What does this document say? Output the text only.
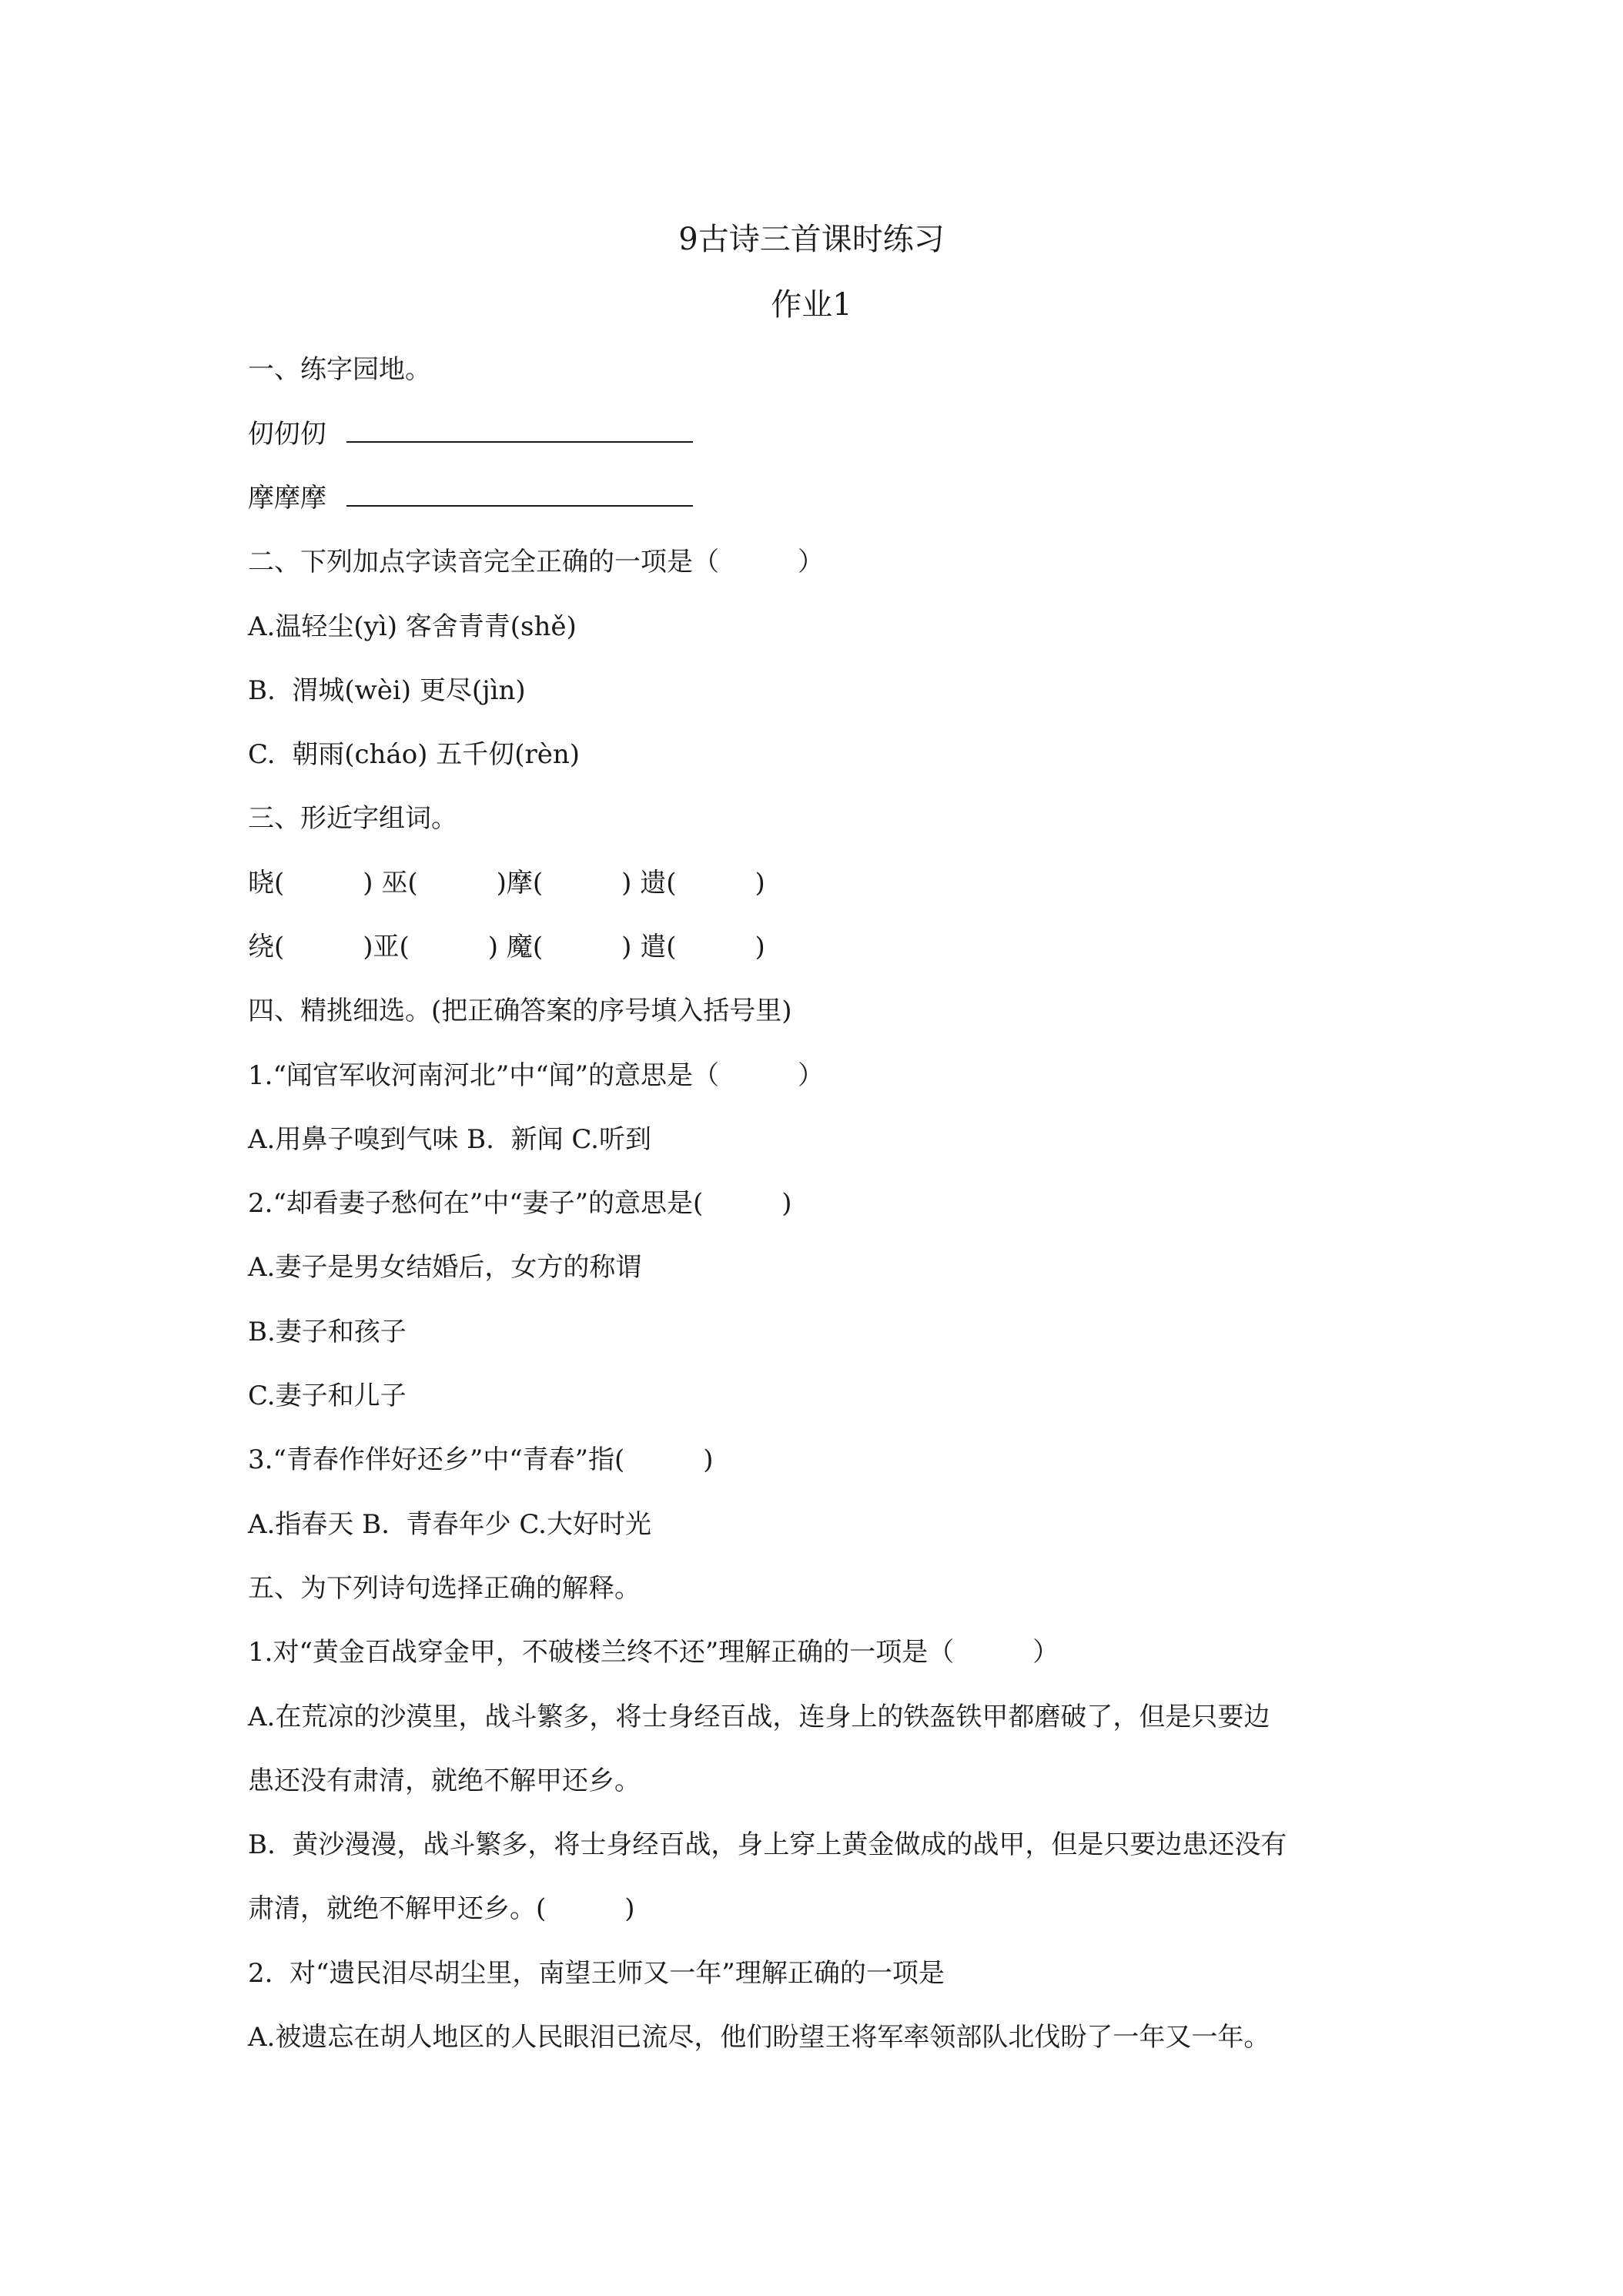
9古诗三首课时练习
作业1
一、练字园地。
仞仞仞
摩摩摩
二、下列加点字读音完全正确的一项是（　　　）
A.温轻尘(yì) 客舍青青(shě)
B.  渭城(wèi) 更尽(jìn)
C.  朝雨(cháo) 五千仞(rèn)
三、形近字组词。
晓(　　　) 巫(　　　)摩(　　　) 遗(　　　)
绕(　　　)亚(　　　) 魔(　　　) 遣(　　　)
四、精挑细选。(把正确答案的序号填入括号里)
1.“闻官军收河南河北”中“闻”的意思是（　　　）
A.用鼻子嗅到气味 B.  新闻 C.听到
2.“却看妻子愁何在”中“妻子”的意思是(　　　)
A.妻子是男女结婚后，女方的称谓
B.妻子和孩子
C.妻子和儿子
3.“青春作伴好还乡”中“青春”指(　　　)
A.指春天 B.  青春年少 C.大好时光
五、为下列诗句选择正确的解释。
1.对“黄金百战穿金甲，不破楼兰终不还”理解正确的一项是（　　　）
A.在荒凉的沙漠里，战斗繁多，将士身经百战，连身上的铁盔铁甲都磨破了，但是只要边
患还没有肃清，就绝不解甲还乡。
B.  黄沙漫漫，战斗繁多，将士身经百战，身上穿上黄金做成的战甲，但是只要边患还没有
肃清，就绝不解甲还乡。(　　　)
2.  对“遗民泪尽胡尘里，南望王师又一年”理解正确的一项是
A.被遗忘在胡人地区的人民眼泪已流尽，他们盼望王将军率领部队北伐盼了一年又一年。
